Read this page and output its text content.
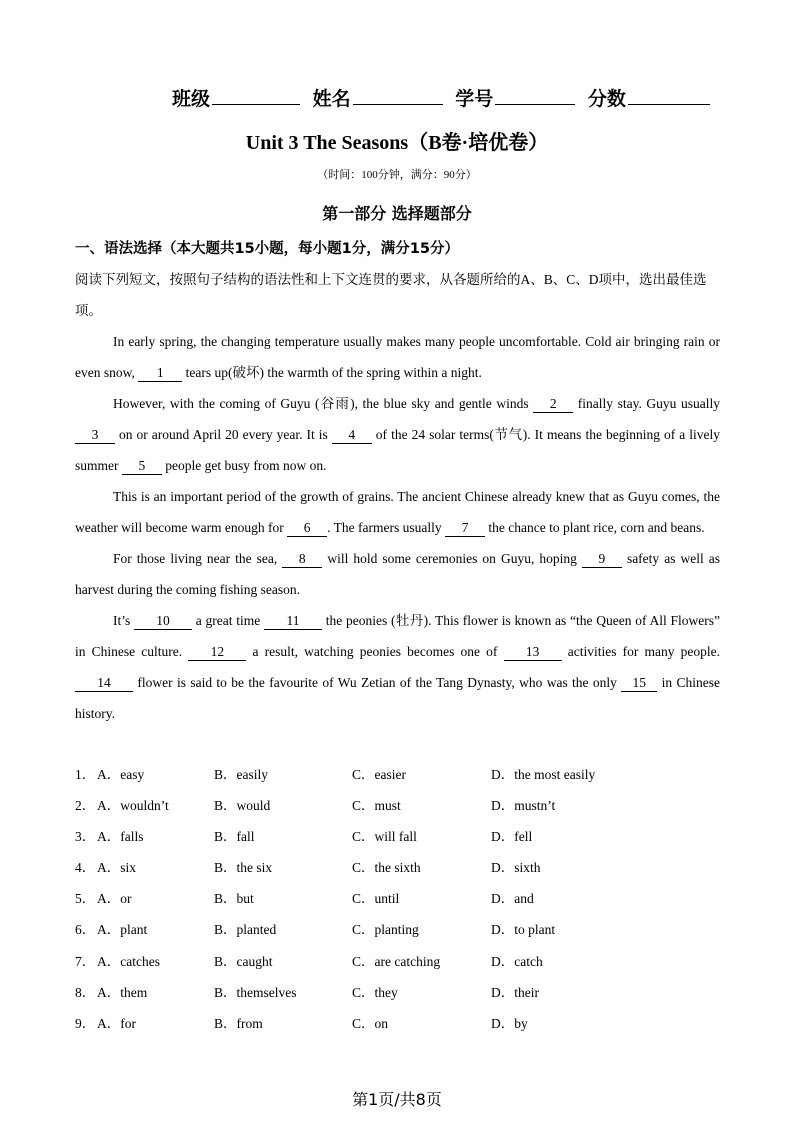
班级	姓名	学号	分数
Unit 3 The Seasons（B卷·培优卷）
（时间：100分钟，满分：90分）
第一部分 选择题部分
一、语法选择（本大题共15小题，每小题1分，满分15分）
阅读下列短文，按照句子结构的语法性和上下文连贯的要求，从各题所给的A、B、C、D项中，选出最佳选项。

In early spring, the changing temperature usually makes many people uncomfortable. Cold air bringing rain or even snow, 1 tears up(破坏) the warmth of the spring within a night.

However, with the coming of Guyu (谷雨), the blue sky and gentle winds 2 finally stay. Guyu usually 3 on or around April 20 every year. It is 4 of the 24 solar terms(节气). It means the beginning of a lively summer 5 people get busy from now on.

This is an important period of the growth of grains. The ancient Chinese already knew that as Guyu comes, the weather will become warm enough for 6 . The farmers usually 7 the chance to plant rice, corn and beans.

For those living near the sea, 8 will hold some ceremonies on Guyu, hoping 9 safety as well as harvest during the coming fishing season.

It’s 10 a great time 11 the peonies (牡丹). This flower is known as “the Queen of All Flowers” in Chinese culture. 12 a result, watching peonies becomes one of 13 activities for many people. 14 flower is said to be the favourite of Wu Zetian of the Tang Dynasty, who was the only 15 in Chinese history.

1． A．easy	B．easily	C．easier	D．the most easily
2． A．wouldn’t	B．would	C．must	D．mustn’t
3． A．falls	B．fall	C．will fall	D．fell
4． A．six	B．the six	C．the sixth	D．sixth
5． A．or	B．but	C．until	D．and
6． A．plant	B．planted	C．planting	D．to plant
7． A．catches	B．caught	C．are catching	D．catch
8． A．them	B．themselves	C．they	D．their
9． A．for	B．from	C．on	D．by
第1页/共8页
